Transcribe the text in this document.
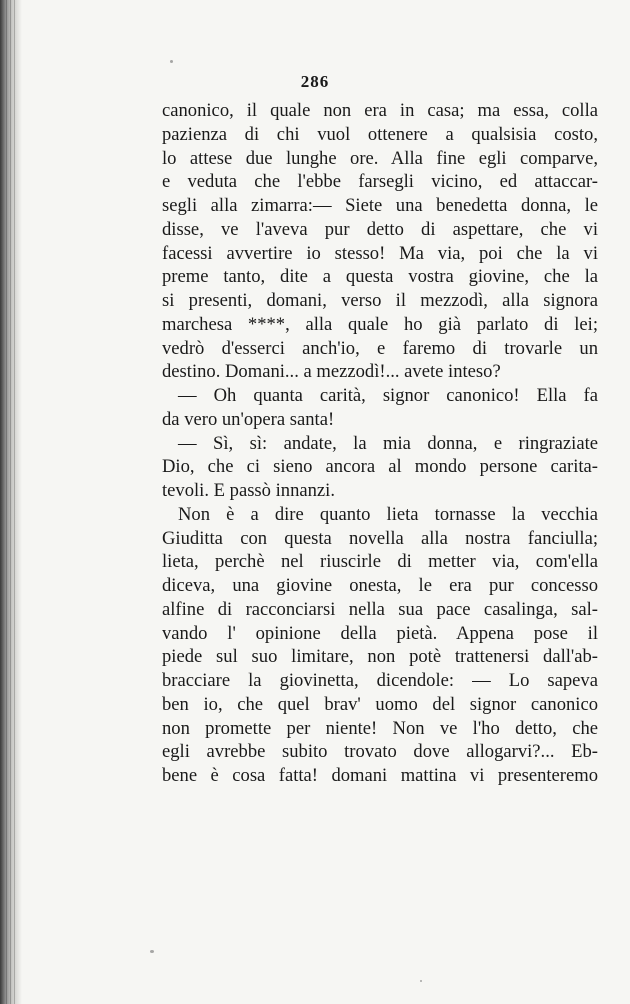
286
canonico, il quale non era in casa; ma essa, colla
pazienza di chi vuol ottenere a qualsisia costo,
lo attese due lunghe ore. Alla fine egli comparve,
e veduta che l'ebbe farsegli vicino, ed attaccar-
segli alla zimarra:— Siete una benedetta donna, le
disse, ve l'aveva pur detto di aspettare, che vi
facessi avvertire io stesso! Ma via, poi che la vi
preme tanto, dite a questa vostra giovine, che la
si presenti, domani, verso il mezzodì, alla signora
marchesa ****, alla quale ho già parlato di lei;
vedrò d'esserci anch'io, e faremo di trovarle un
destino. Domani... a mezzodì!... avete inteso?
— Oh quanta carità, signor canonico! Ella fa
da vero un'opera santa!
— Sì, sì: andate, la mia donna, e ringraziate
Dio, che ci sieno ancora al mondo persone carita-
tevoli. E passò innanzi.
Non è a dire quanto lieta tornasse la vecchia
Giuditta con questa novella alla nostra fanciulla;
lieta, perchè nel riuscirle di metter via, com'ella
diceva, una giovine onesta, le era pur concesso
alfine di racconciarsi nella sua pace casalinga, sal-
vando l' opinione della pietà. Appena pose il
piede sul suo limitare, non potè trattenersi dall'ab-
bracciare la giovinetta, dicendole: — Lo sapeva
ben io, che quel brav' uomo del signor canonico
non promette per niente! Non ve l'ho detto, che
egli avrebbe subito trovato dove allogarvi?... Eb-
bene è cosa fatta! domani mattina vi presenteremo
